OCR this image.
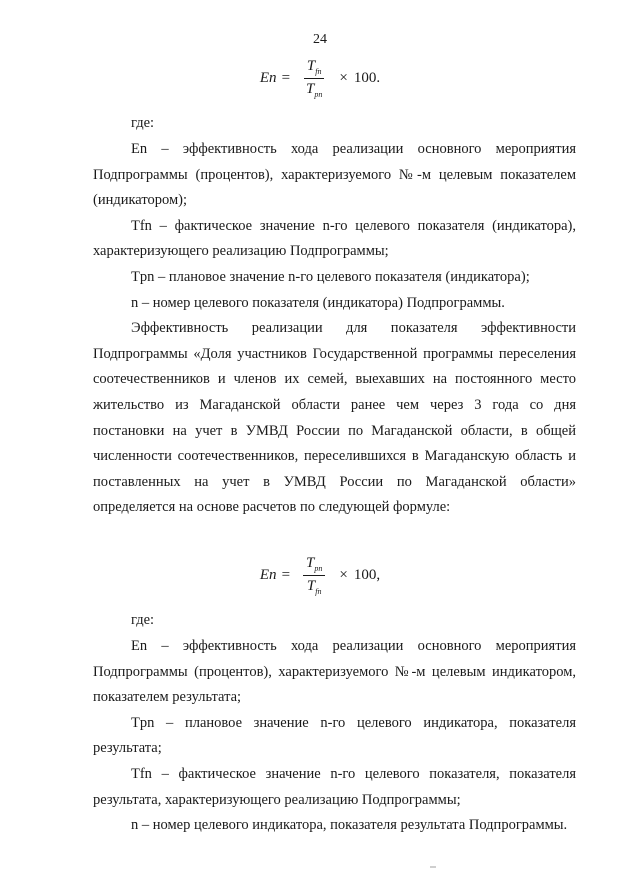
24
$En = \frac{T_{fn}}{T_{pn}} \times 100$.
где:

En – эффективность хода реализации основного мероприятия Подпрограммы (процентов), характеризуемого №-м целевым показателем (индикатором);

Tfn – фактическое значение n-го целевого показателя (индикатора), характеризующего реализацию Подпрограммы;

Tpn – плановое значение n-го целевого показателя (индикатора);

n – номер целевого показателя (индикатора) Подпрограммы.

Эффективность реализации для показателя эффективности Подпрограммы «Доля участников Государственной программы переселения соотечественников и членов их семей, выехавших на постоянного место жительство из Магаданской области ранее чем через 3 года со дня постановки на учет в УМВД России по Магаданской области, в общей численности соотечественников, переселившихся в Магаданскую область и поставленных на учет в УМВД России по Магаданской области» определяется на основе расчетов по следующей формуле:

$En = \frac{T_{pn}}{T_{fn}} \times 100$,
где:

En – эффективность хода реализации основного мероприятия Подпрограммы (процентов), характеризуемого №-м целевым индикатором, показателем результата;

Tpn – плановое значение n-го целевого индикатора, показателя результата;

Tfn – фактическое значение n-го целевого показателя, показателя результата, характеризующего реализацию Подпрограммы;

n – номер целевого индикатора, показателя результата Подпрограммы.
